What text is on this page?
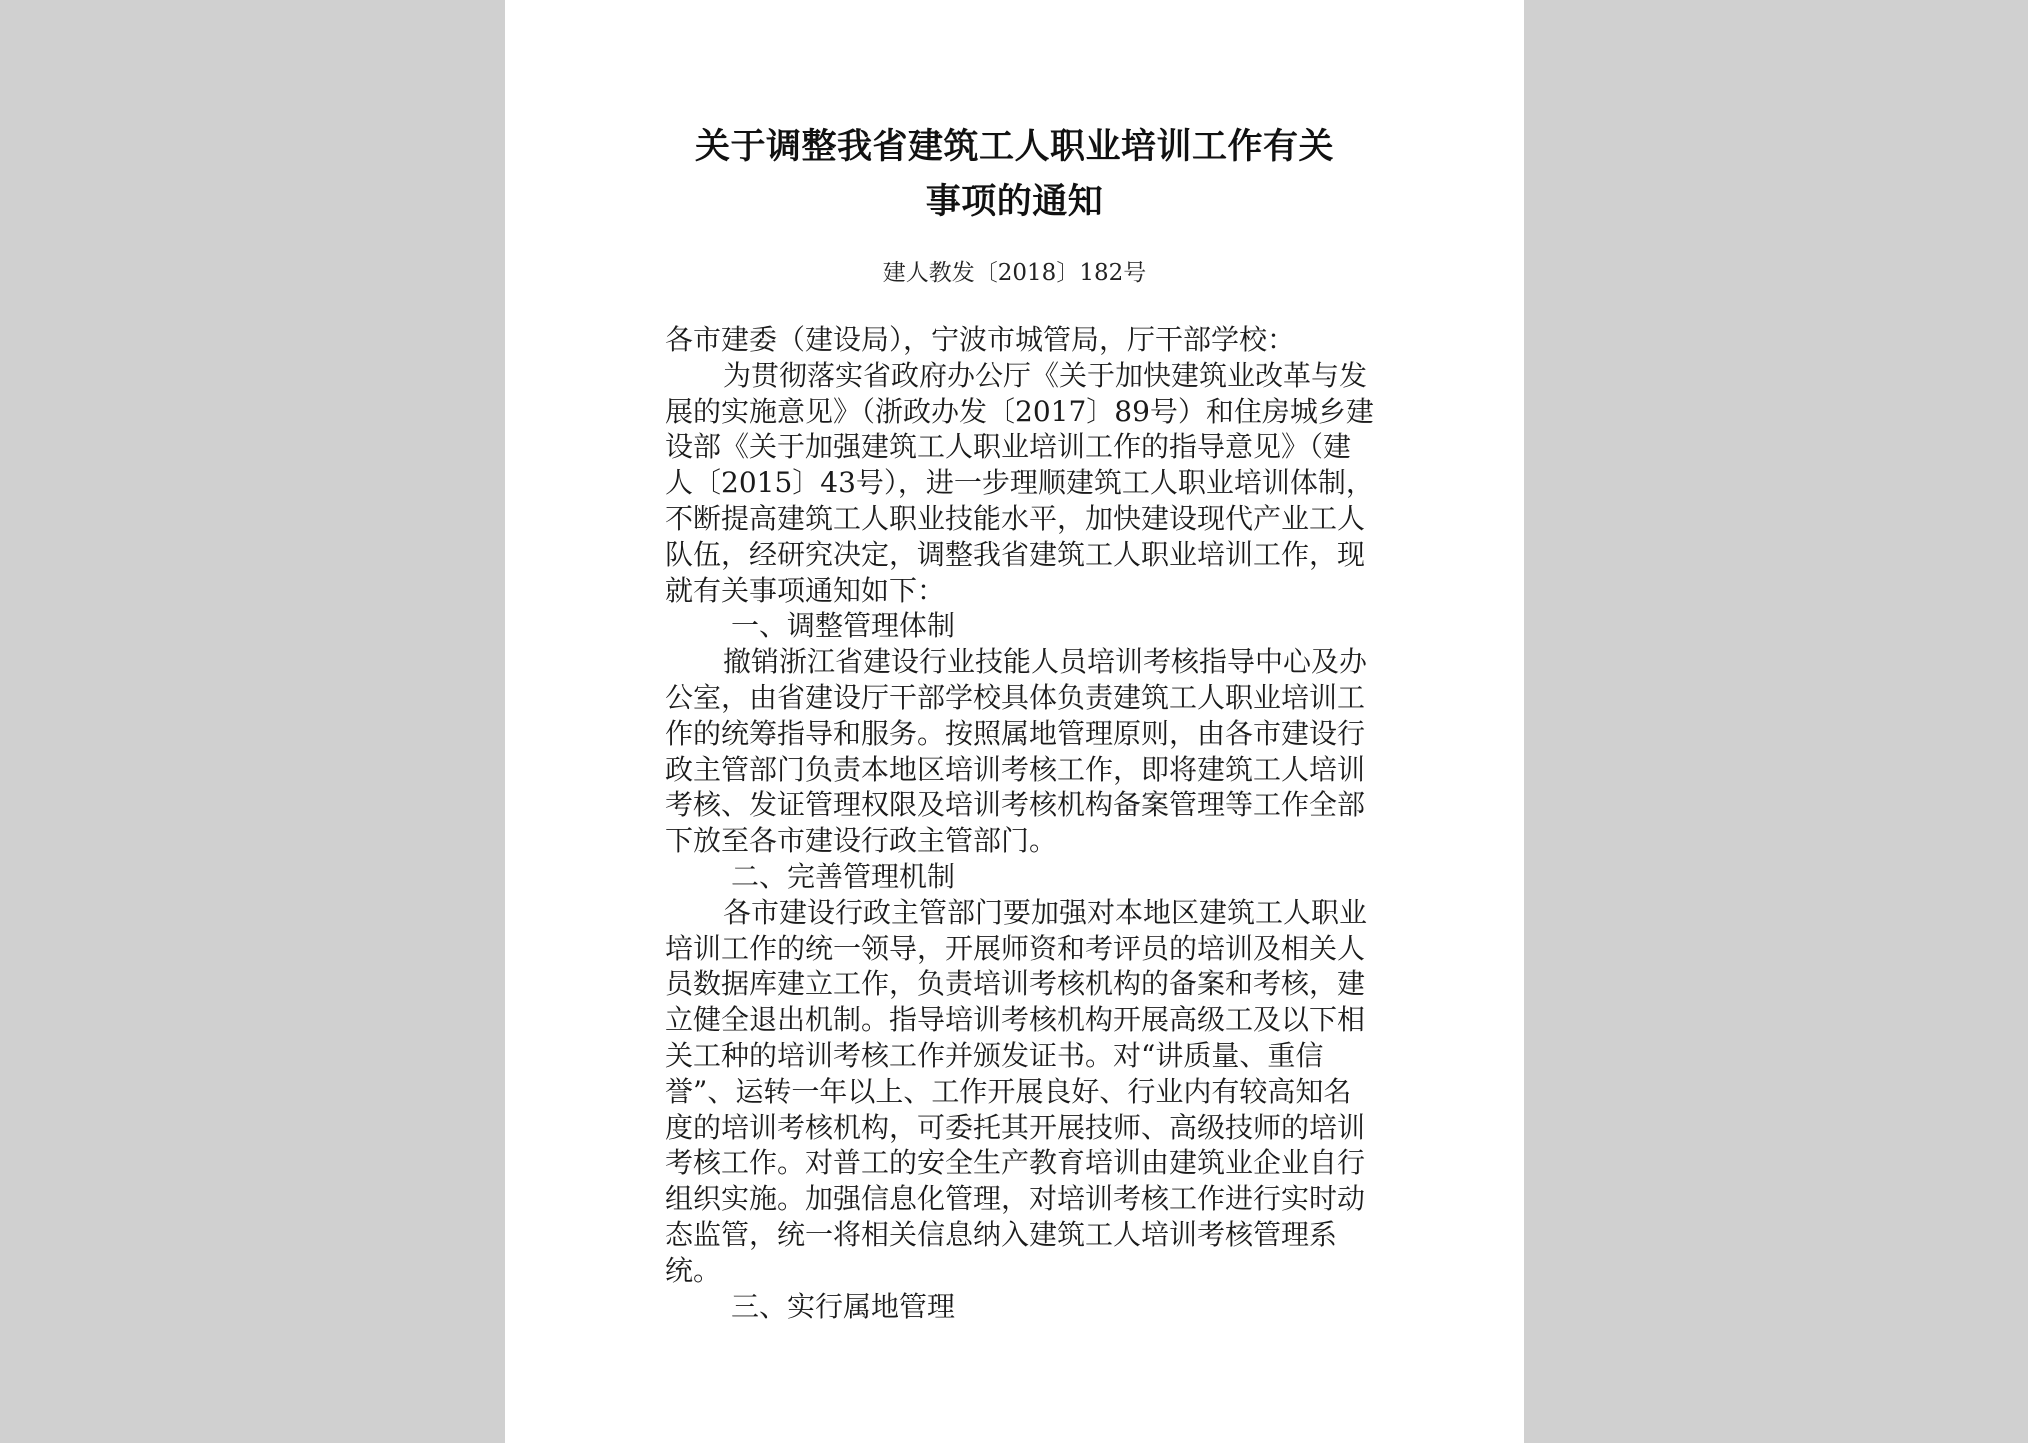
关于调整我省建筑工人职业培训工作有关
事项的通知
建人教发〔2018〕182号
各市建委（建设局），宁波市城管局，厅干部学校：
为贯彻落实省政府办公厅《关于加快建筑业改革与发
展的实施意见》（浙政办发〔2017〕89号）和住房城乡建
设部《关于加强建筑工人职业培训工作的指导意见》（建
人〔2015〕43号），进一步理顺建筑工人职业培训体制，
不断提高建筑工人职业技能水平，加快建设现代产业工人
队伍，经研究决定，调整我省建筑工人职业培训工作，现
就有关事项通知如下：
一、调整管理体制
撤销浙江省建设行业技能人员培训考核指导中心及办
公室，由省建设厅干部学校具体负责建筑工人职业培训工
作的统筹指导和服务。按照属地管理原则，由各市建设行
政主管部门负责本地区培训考核工作，即将建筑工人培训
考核、发证管理权限及培训考核机构备案管理等工作全部
下放至各市建设行政主管部门。
二、完善管理机制
各市建设行政主管部门要加强对本地区建筑工人职业
培训工作的统一领导，开展师资和考评员的培训及相关人
员数据库建立工作，负责培训考核机构的备案和考核，建
立健全退出机制。指导培训考核机构开展高级工及以下相
关工种的培训考核工作并颁发证书。对“讲质量、重信
誉”、运转一年以上、工作开展良好、行业内有较高知名
度的培训考核机构，可委托其开展技师、高级技师的培训
考核工作。对普工的安全生产教育培训由建筑业企业自行
组织实施。加强信息化管理，对培训考核工作进行实时动
态监管，统一将相关信息纳入建筑工人培训考核管理系
统。
三、实行属地管理
